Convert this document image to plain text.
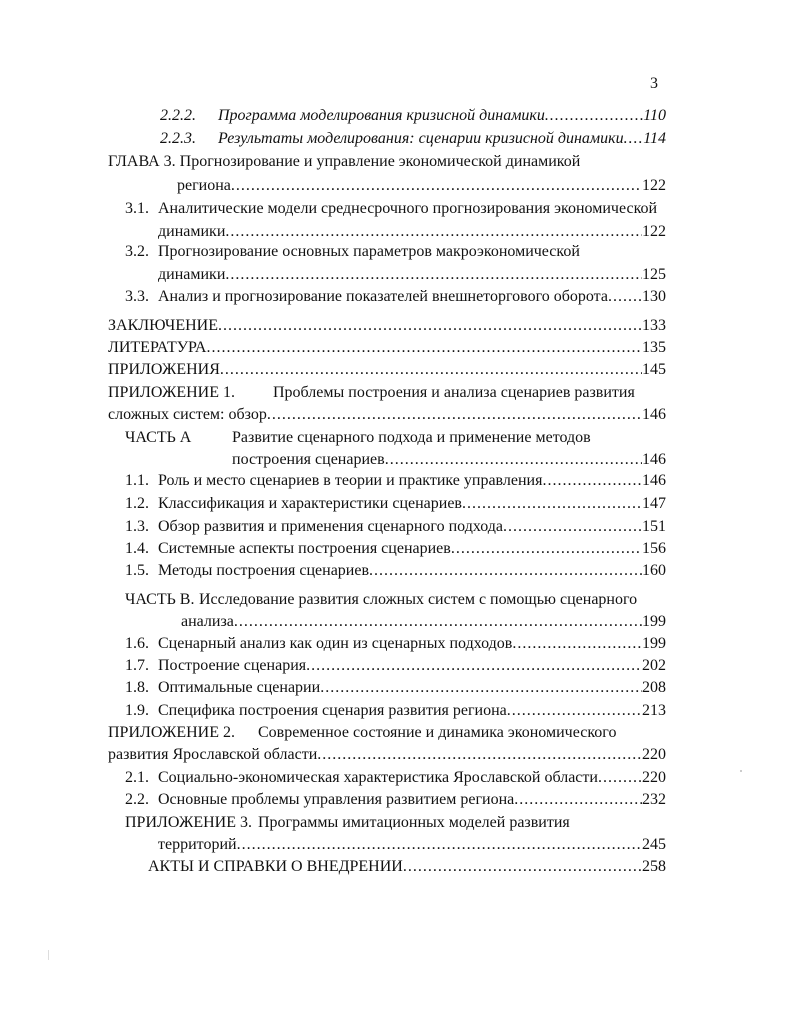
3
2.2.2. Программа моделирования кризисной динамики .....	110
2.2.3. Результаты моделирования: сценарии кризисной динамики ..... 114
ГЛАВА 3. Прогнозирование и управление экономической динамикой
региона .....	122
3.1. Аналитические модели среднесрочного прогнозирования экономической
динамики .....	122
3.2. Прогнозирование основных параметров макроэкономической
динамики .....	125
3.3. Анализ и прогнозирование показателей внешнеторгового оборота ..... 130
ЗАКЛЮЧЕНИЕ .....	133
ЛИТЕРАТУРА .....	135
ПРИЛОЖЕНИЯ .....	145
ПРИЛОЖЕНИЕ 1. Проблемы построения и анализа сценариев развития
сложных систем: обзор .....	146
ЧАСТЬ А	Развитие сценарного подхода и применение методов
построения сценариев .....	146
1.1. Роль и место сценариев в теории и практике управления .....	146
1.2. Классификация и характеристики сценариев .....	147
1.3. Обзор развития и применения сценарного подхода .....	151
1.4. Системные аспекты построения сценариев .....	156
1.5. Методы построения сценариев .....	160
ЧАСТЬ В. Исследование развития сложных систем с помощью сценарного
анализа .....	199
1.6. Сценарный анализ как один из сценарных подходов .....	199
1.7. Построение сценария .....	202
1.8. Оптимальные сценарии .....	208
1.9. Специфика построения сценария развития региона .....	213
ПРИЛОЖЕНИЕ 2. Современное состояние и динамика экономического
развития Ярославской области .....	220
2.1. Социально-экономическая характеристика Ярославской области .....	220
2.2. Основные проблемы управления развитием региона .....	232
ПРИЛОЖЕНИЕ 3. Программы имитационных моделей развития
территорий .....	245
АКТЫ И СПРАВКИ О ВНЕДРЕНИИ .....	258
